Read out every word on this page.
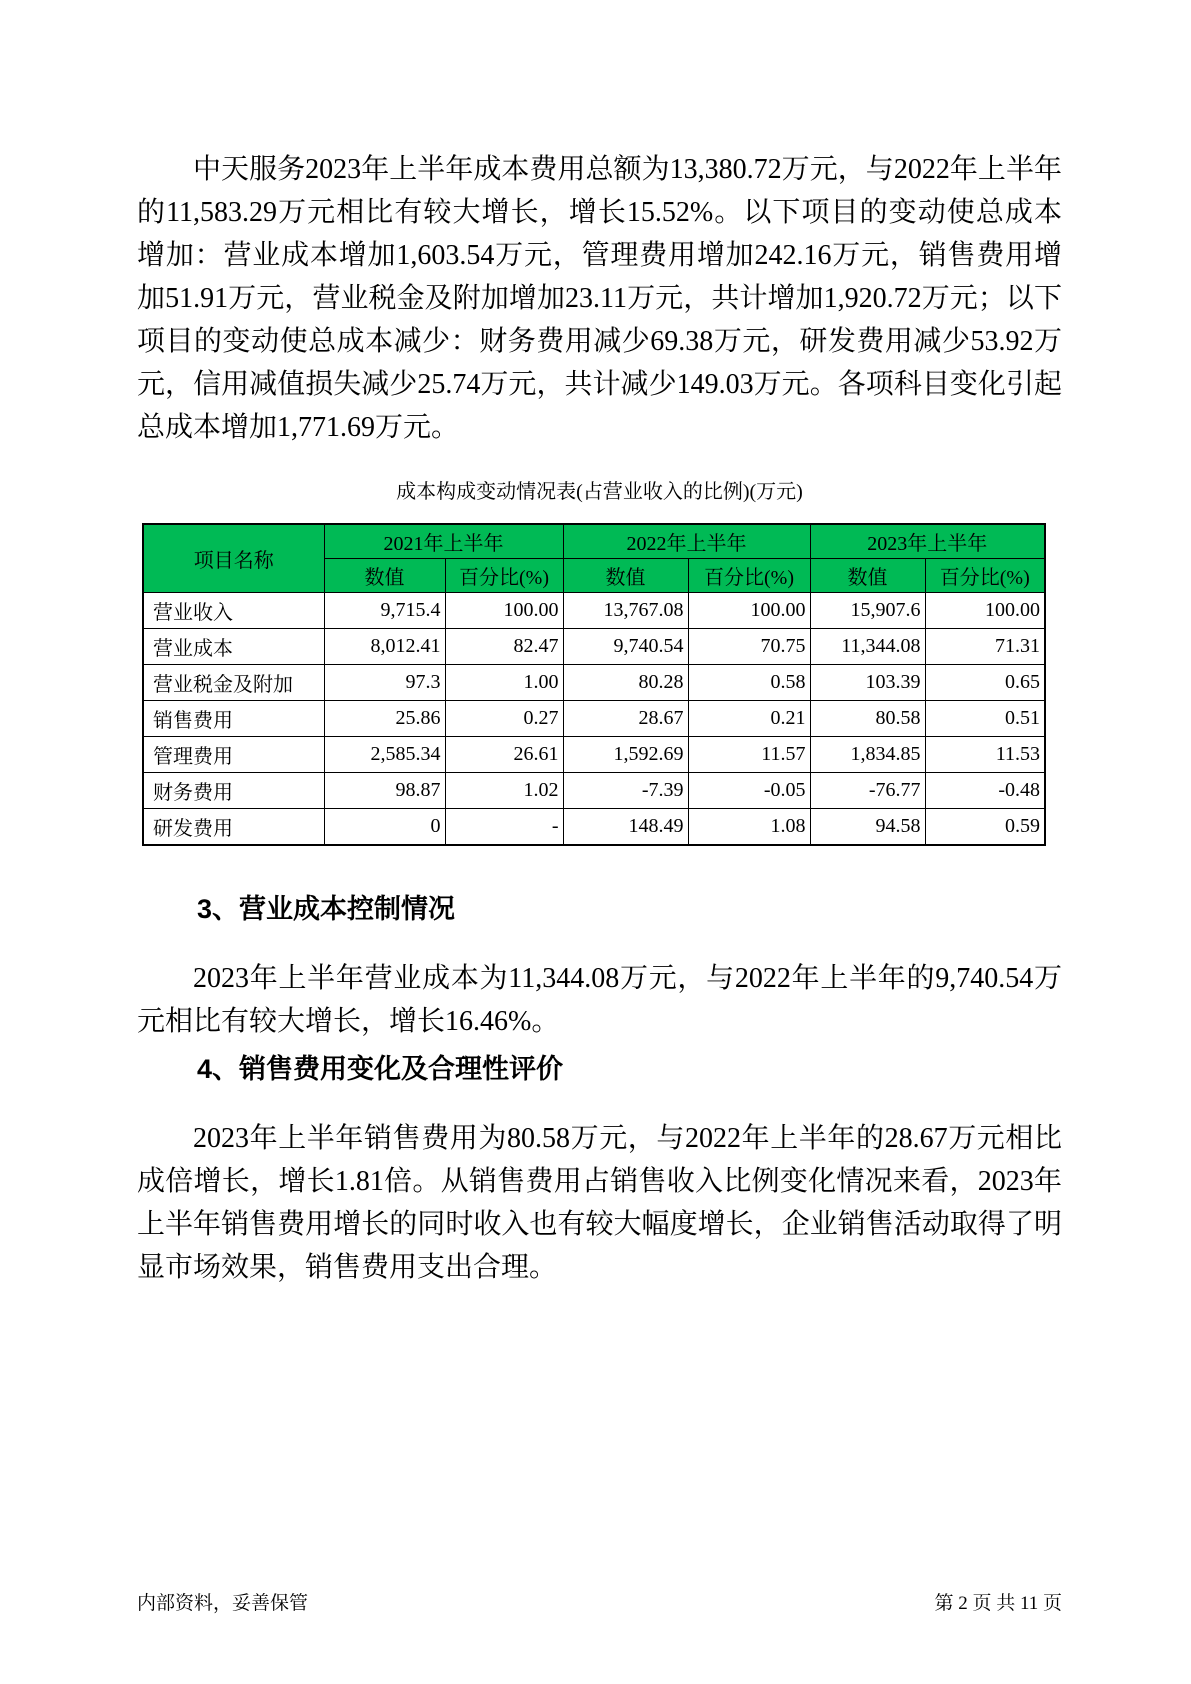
中天服务2023年上半年成本费用总额为13,380.72万元，与2022年上半年的11,583.29万元相比有较大增长，增长15.52%。以下项目的变动使总成本增加：营业成本增加1,603.54万元，管理费用增加242.16万元，销售费用增加51.91万元，营业税金及附加增加23.11万元，共计增加1,920.72万元；以下项目的变动使总成本减少：财务费用减少69.38万元，研发费用减少53.92万元，信用减值损失减少25.74万元，共计减少149.03万元。各项科目变化引起总成本增加1,771.69万元。

成本构成变动情况表(占营业收入的比例)(万元)
项目名称	2021年上半年		2022年上半年		2023年上半年	
	数值	百分比(%)	数值	百分比(%)	数值	百分比(%)
营业收入	9,715.4	100.00	13,767.08	100.00	15,907.6	100.00
营业成本	8,012.41	82.47	9,740.54	70.75	11,344.08	71.31
营业税金及附加	97.3	1.00	80.28	0.58	103.39	0.65
销售费用	25.86	0.27	28.67	0.21	80.58	0.51
管理费用	2,585.34	26.61	1,592.69	11.57	1,834.85	11.53
财务费用	98.87	1.02	-7.39	-0.05	-76.77	-0.48
研发费用	0	-	148.49	1.08	94.58	0.59
3、营业成本控制情况

2023年上半年营业成本为11,344.08万元，与2022年上半年的9,740.54万元相比有较大增长，增长16.46%。

4、销售费用变化及合理性评价

2023年上半年销售费用为80.58万元，与2022年上半年的28.67万元相比成倍增长，增长1.81倍。从销售费用占销售收入比例变化情况来看，2023年上半年销售费用增长的同时收入也有较大幅度增长，企业销售活动取得了明显市场效果，销售费用支出合理。

内部资料，妥善保管	第 2 页 共 11 页
